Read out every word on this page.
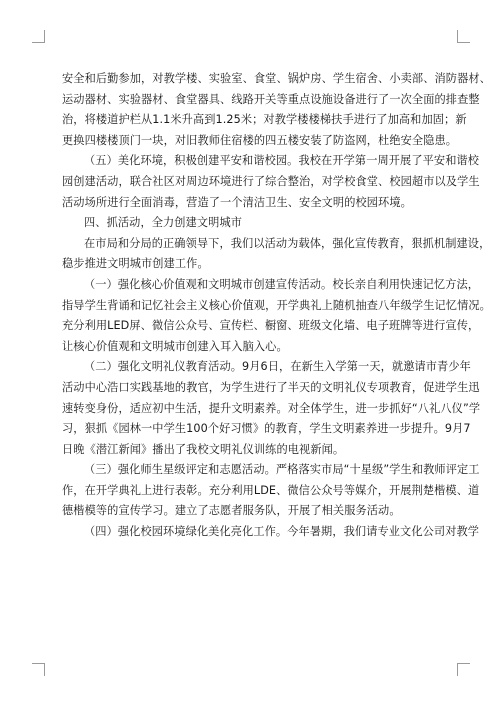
安全和后勤参加，对教学楼、实验室、食堂、锅炉房、学生宿舍、小卖部、消防器材、
运动器材、实验器材、食堂器具、线路开关等重点设施设备进行了一次全面的排查整
治，将楼道护栏从1.1米升高到1.25米；对教学楼楼梯扶手进行了加高和加固；新
更换四楼楼顶门一块，对旧教师住宿楼的四五楼安装了防盗网，杜绝安全隐患。
（五）美化环境，积极创建平安和谐校园。我校在开学第一周开展了平安和谐校
园创建活动，联合社区对周边环境进行了综合整治，对学校食堂、校园超市以及学生
活动场所进行全面消毒，营造了一个清洁卫生、安全文明的校园环境。
四、抓活动，全力创建文明城市
在市局和分局的正确领导下，我们以活动为载体，强化宣传教育，狠抓机制建设，
稳步推进文明城市创建工作。
（一）强化核心价值观和文明城市创建宣传活动。校长亲自利用快速记忆方法，
指导学生背诵和记忆社会主义核心价值观，开学典礼上随机抽查八年级学生记忆情况。
充分利用LED屏、微信公众号、宣传栏、橱窗、班级文化墙、电子班牌等进行宣传，
让核心价值观和文明城市创建入耳入脑入心。
（二）强化文明礼仪教育活动。9月6日，在新生入学第一天，就邀请市青少年
活动中心浩口实践基地的教官，为学生进行了半天的文明礼仪专项教育，促进学生迅
速转变身份，适应初中生活，提升文明素养。对全体学生，进一步抓好“八礼八仪”学
习，狠抓《园林一中学生100个好习惯》的教育，学生文明素养进一步提升。9月7
日晚《潜江新闻》播出了我校文明礼仪训练的电视新闻。
（三）强化师生星级评定和志愿活动。严格落实市局“十星级”学生和教师评定工
作，在开学典礼上进行表彰。充分利用LDE、微信公众号等媒介，开展荆楚楷模、道
德楷模等的宣传学习。建立了志愿者服务队，开展了相关服务活动。
（四）强化校园环境绿化美化亮化工作。今年暑期，我们请专业文化公司对教学
